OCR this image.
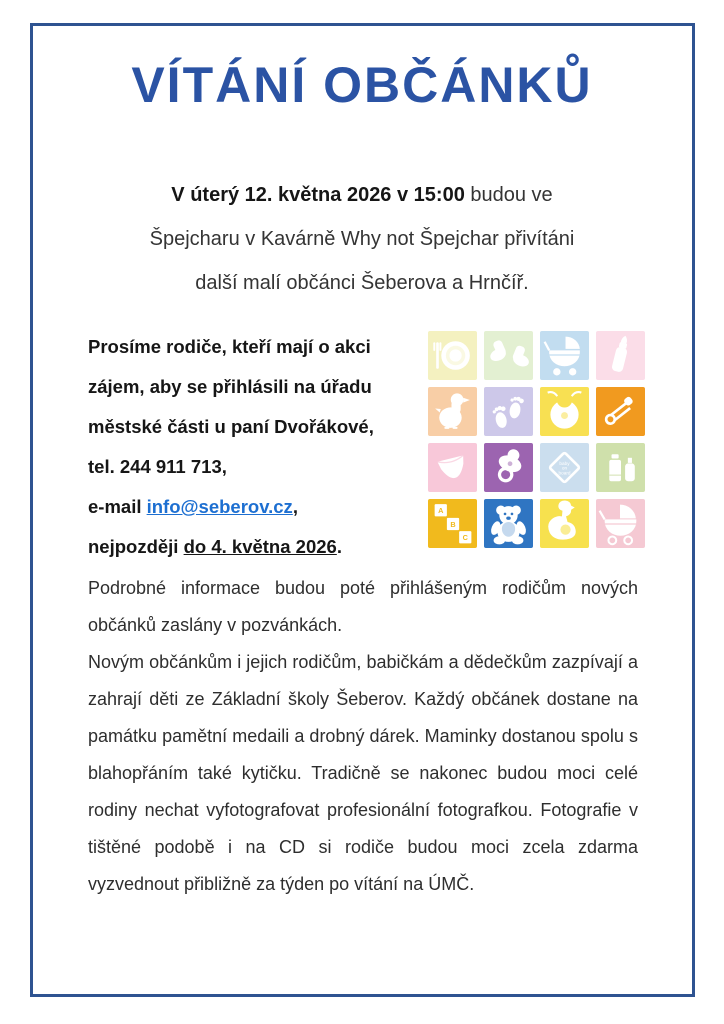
VÍTÁNÍ OBČÁNKŮ
V úterý 12. května 2026 v 15:00 budou ve
Špejcharu v Kavárně Why not Špejchar přivítáni
další malí občánci Šeberova a Hrnčíř.
Prosíme rodiče, kteří mají o akci
zájem, aby se přihlásili na úřadu
městské části u paní Dvořákové,
tel. 244 911 713,
e-mail info@seberov.cz,
nejpozději do 4. května 2026.
baby
on
board
A
B
C

Podrobné informace budou poté přihlášeným rodičům nových občánků zaslány v pozvánkách.

Novým občánkům i jejich rodičům, babičkám a dědečkům zazpívají a zahrají děti ze Základní školy Šeberov. Každý občánek dostane na památku pamětní medaili a drobný dárek. Maminky dostanou spolu s blahopřáním také kytičku. Tradičně se nakonec budou moci celé rodiny nechat vyfotografovat profesionální fotografkou. Fotografie v tištěné podobě i na CD si rodiče budou moci zcela zdarma vyzvednout přibližně za týden po vítání na ÚMČ.
